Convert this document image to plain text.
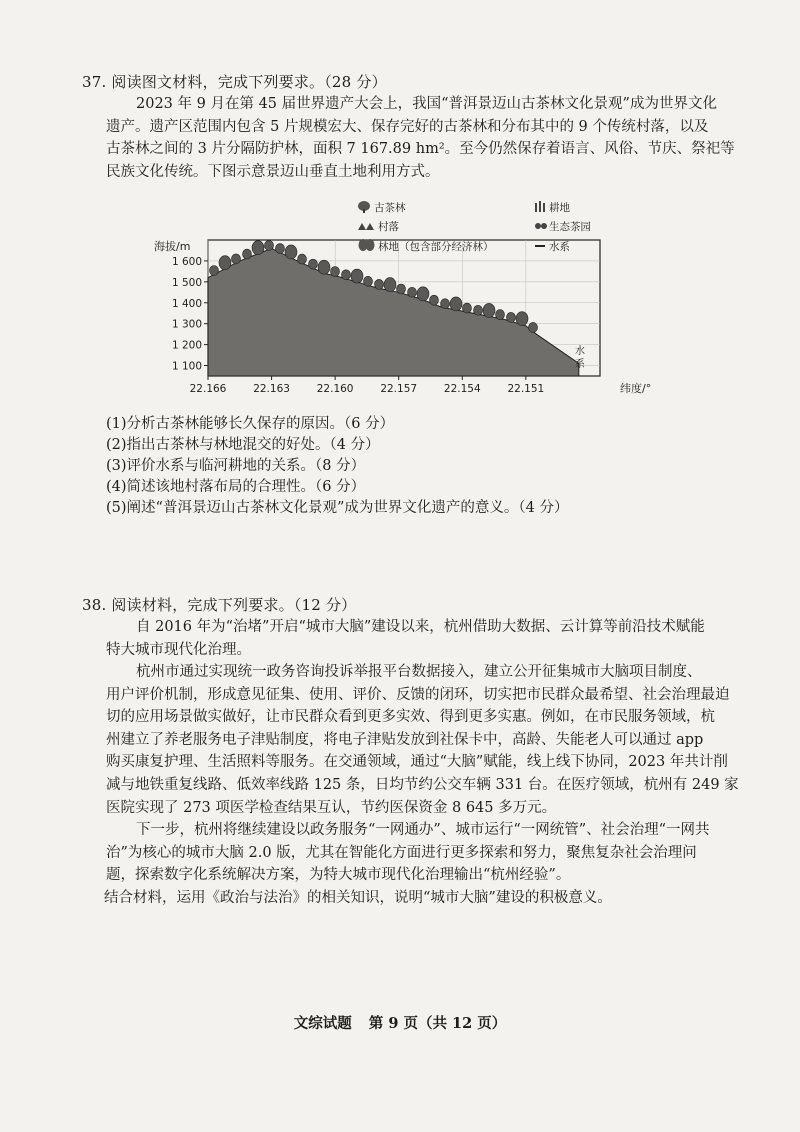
37. 阅读图文材料，完成下列要求。（28 分）
2023 年 9 月在第 45 届世界遗产大会上，我国“普洱景迈山古茶林文化景观”成为世界文化
遗产。遗产区范围内包含 5 片规模宏大、保存完好的古茶林和分布其中的 9 个传统村落，以及
古茶林之间的 3 片分隔防护林，面积 7 167.89 hm²。至今仍然保存着语言、风俗、节庆、祭祀等
民族文化传统。下图示意景迈山垂直土地利用方式。
1 600
1 500
1 400
1 300
1 200
1 100
22.166	22.163	22.160	22.157	22.154	22.151
海拔/m
纬度/°
水
系
古茶林
村落
林地（包含部分经济林）
耕地
生态茶园
水系
(1)分析古茶林能够长久保存的原因。（6 分）
(2)指出古茶林与林地混交的好处。（4 分）
(3)评价水系与临河耕地的关系。（8 分）
(4)简述该地村落布局的合理性。（6 分）
(5)阐述“普洱景迈山古茶林文化景观”成为世界文化遗产的意义。（4 分）
38. 阅读材料，完成下列要求。（12 分）
自 2016 年为“治堵”开启“城市大脑”建设以来，杭州借助大数据、云计算等前沿技术赋能
特大城市现代化治理。
杭州市通过实现统一政务咨询投诉举报平台数据接入，建立公开征集城市大脑项目制度、
用户评价机制，形成意见征集、使用、评价、反馈的闭环，切实把市民群众最希望、社会治理最迫
切的应用场景做实做好，让市民群众看到更多实效、得到更多实惠。例如，在市民服务领域，杭
州建立了养老服务电子津贴制度，将电子津贴发放到社保卡中，高龄、失能老人可以通过 app
购买康复护理、生活照料等服务。在交通领域，通过“大脑”赋能，线上线下协同，2023 年共计削
减与地铁重复线路、低效率线路 125 条，日均节约公交车辆 331 台。在医疗领域，杭州有 249 家
医院实现了 273 项医学检查结果互认，节约医保资金 8 645 多万元。
下一步，杭州将继续建设以政务服务“一网通办”、城市运行“一网统管”、社会治理“一网共
治”为核心的城市大脑 2.0 版，尤其在智能化方面进行更多探索和努力，聚焦复杂社会治理问
题，探索数字化系统解决方案，为特大城市现代化治理输出“杭州经验”。
结合材料，运用《政治与法治》的相关知识，说明“城市大脑”建设的积极意义。
文综试题 第 9 页（共 12 页）
